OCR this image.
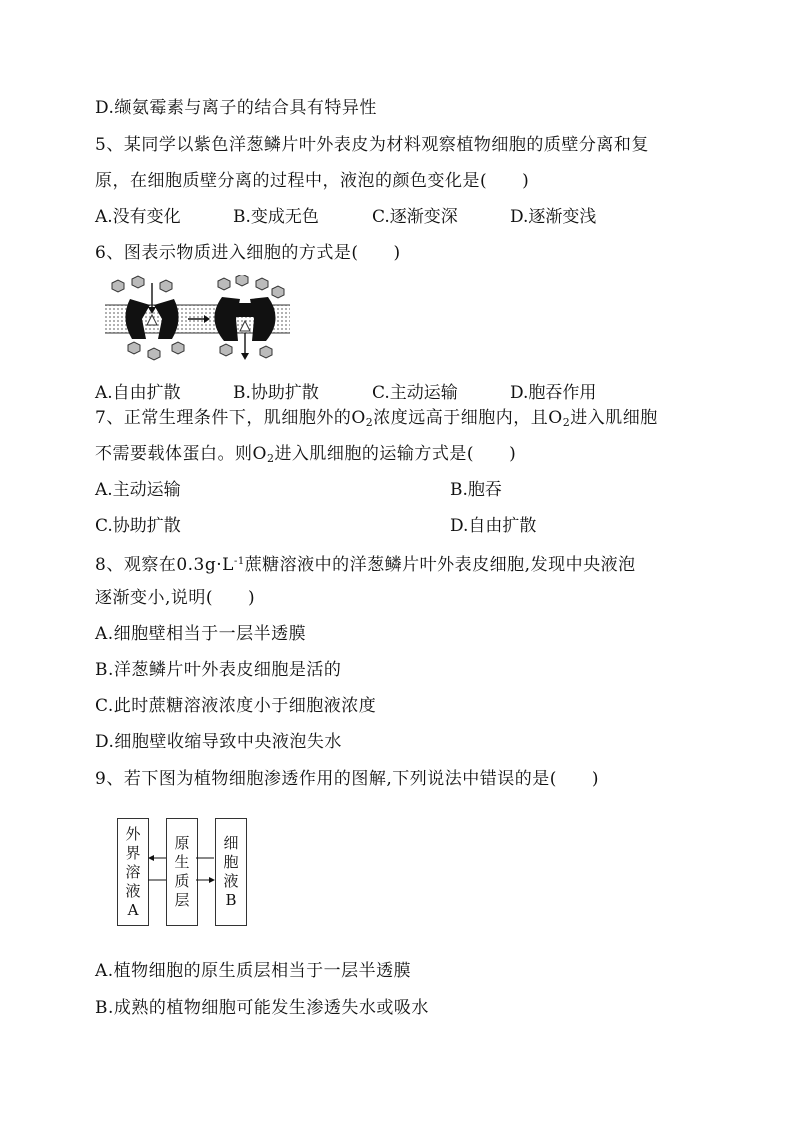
D.缬氨霉素与离子的结合具有特异性
5、某同学以紫色洋葱鳞片叶外表皮为材料观察植物细胞的质壁分离和复
原，在细胞质壁分离的过程中，液泡的颜色变化是(　　)
A.没有变化	B.变成无色	C.逐渐变深	D.逐渐变浅
6、图表示物质进入细胞的方式是(　　)
A.自由扩散	B.协助扩散	C.主动运输	D.胞吞作用
7、正常生理条件下，肌细胞外的$O_2$浓度远高于细胞内，且$O_2$进入肌细胞
不需要载体蛋白。则$O_2$进入肌细胞的运输方式是(　　)
A.主动运输	B.胞吞
C.协助扩散	D.自由扩散
8、观察在$0.3g\cdot L^{-1}$蔗糖溶液中的洋葱鳞片叶外表皮细胞,发现中央液泡
逐渐变小,说明(　　)
A.细胞壁相当于一层半透膜
B.洋葱鳞片叶外表皮细胞是活的
C.此时蔗糖溶液浓度小于细胞液浓度
D.细胞壁收缩导致中央液泡失水
9、若下图为植物细胞渗透作用的图解,下列说法中错误的是(　　)
外界溶液A
原生质层
细胞液B
A.植物细胞的原生质层相当于一层半透膜
B.成熟的植物细胞可能发生渗透失水或吸水
